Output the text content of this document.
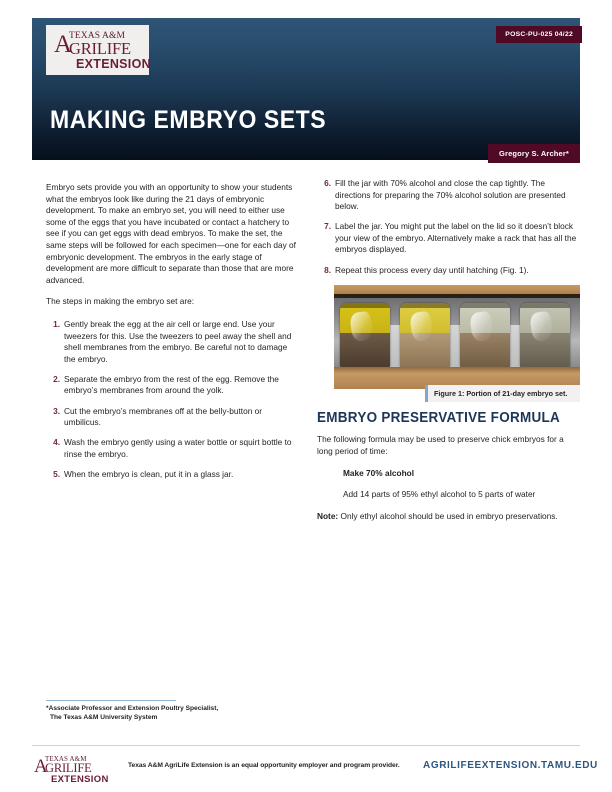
A
TEXAS A&M
GRILIFE
EXTENSION
POSC-PU-025 04/22
MAKING EMBRYO SETS
Gregory S. Archer*

Embryo sets provide you with an opportunity to show your students what the embryos look like during the 21 days of embryonic development. To make an embryo set, you will need to either use some of the eggs that you have incubated or contact a hatchery to see if you can get eggs with dead embryos. To make the set, the same steps will be followed for each specimen—one for each day of embryonic development. The embryos in the early stage of development are more difficult to separate than those that are more advanced.

The steps in making the embryo set are:

1. Gently break the egg at the air cell or large end. Use your tweezers for this. Use the tweezers to peel away the shell and shell membranes from the embryo. Be careful not to damage the embryo.
2. Separate the embryo from the rest of the egg. Remove the embryo’s membranes from around the yolk.
3. Cut the embryo’s membranes off at the belly-button or umbilicus.
4. Wash the embryo gently using a water bottle or squirt bottle to rinse the embryo.
5. When the embryo is clean, put it in a glass jar.
6. Fill the jar with 70% alcohol and close the cap tightly. The directions for preparing the 70% alcohol solution are presented below.
7. Label the jar. You might put the label on the lid so it doesn’t block your view of the embryo. Alternatively make a rack that has all the embryos displayed.
8. Repeat this process every day until hatching (Fig. 1).
Figure 1: Portion of 21-day embryo set.
EMBRYO PRESERVATIVE FORMULA

The following formula may be used to preserve chick embryos for a long period of time:

Make 70% alcohol

Add 14 parts of 95% ethyl alcohol to 5 parts of water

Note: Only ethyl alcohol should be used in embryo preservations.

*Associate Professor and Extension Poultry Specialist,
The Texas A&M University System
A
TEXAS A&M
GRILIFE
EXTENSION
Texas A&M AgriLife Extension is an equal opportunity employer and program provider. AGRILIFEEXTENSION.TAMU.EDU
